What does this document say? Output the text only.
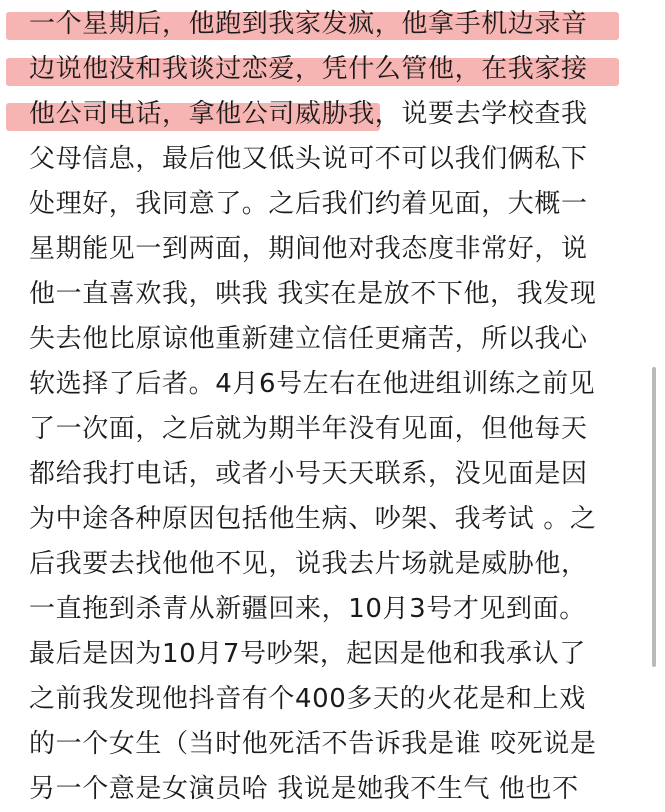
一个星期后，他跑到我家发疯，他拿手机边录音
边说他没和我谈过恋爱，凭什么管他，在我家接
他公司电话，拿他公司威胁我，说要去学校查我
父母信息，最后他又低头说可不可以我们俩私下
处理好，我同意了。之后我们约着见面，大概一
星期能见一到两面，期间他对我态度非常好，说
他一直喜欢我，哄我 我实在是放不下他，我发现
失去他比原谅他重新建立信任更痛苦，所以我心
软选择了后者。4月6号左右在他进组训练之前见
了一次面，之后就为期半年没有见面，但他每天
都给我打电话，或者小号天天联系，没见面是因
为中途各种原因包括他生病、吵架、我考试 。之
后我要去找他他不见，说我去片场就是威胁他，
一直拖到杀青从新疆回来，10月3号才见到面。
最后是因为10月7号吵架，起因是他和我承认了
之前我发现他抖音有个400多天的火花是和上戏
的一个女生（当时他死活不告诉我是谁 咬死说是
另一个意是女演员哈 我说是她我不生气 他也不
